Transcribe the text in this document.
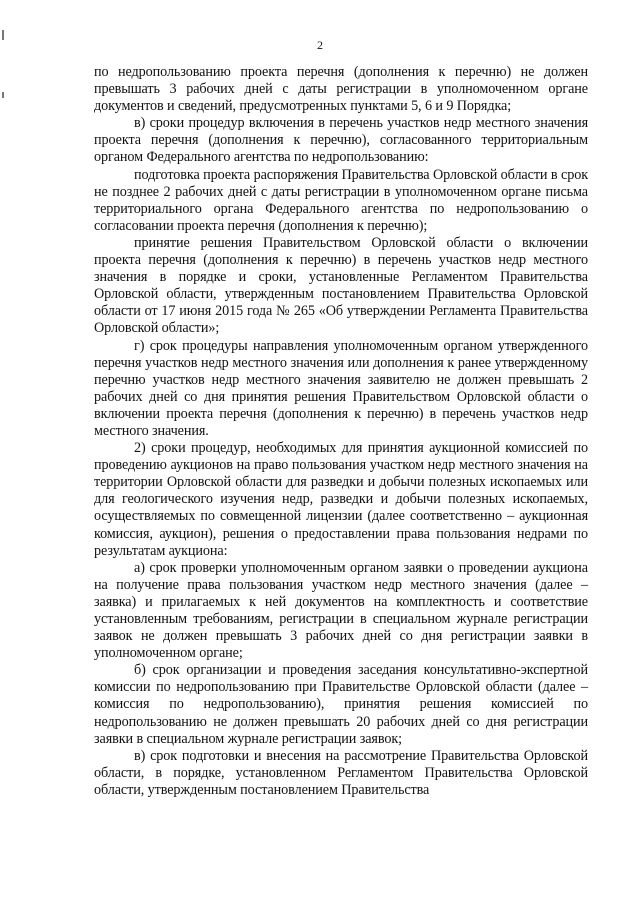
2

по недропользованию проекта перечня (дополнения к перечню) не должен превышать 3 рабочих дней с даты регистрации в уполномоченном органе документов и сведений, предусмотренных пунктами 5, 6 и 9 Порядка;

в) сроки процедур включения в перечень участков недр местного значения проекта перечня (дополнения к перечню), согласованного территориальным органом Федерального агентства по недропользованию:

подготовка проекта распоряжения Правительства Орловской области в срок не позднее 2 рабочих дней с даты регистрации в уполномоченном органе письма территориального органа Федерального агентства по недропользованию о согласовании проекта перечня (дополнения к перечню);

принятие решения Правительством Орловской области о включении проекта перечня (дополнения к перечню) в перечень участков недр местного значения в порядке и сроки, установленные Регламентом Правительства Орловской области, утвержденным постановлением Правительства Орловской области от 17 июня 2015 года № 265 «Об утверждении Регламента Правительства Орловской области»;

г) срок процедуры направления уполномоченным органом утвержденного перечня участков недр местного значения или дополнения к ранее утвержденному перечню участков недр местного значения заявителю не должен превышать 2 рабочих дней со дня принятия решения Правительством Орловской области о включении проекта перечня (дополнения к перечню) в перечень участков недр местного значения.

2) сроки процедур, необходимых для принятия аукционной комиссией по проведению аукционов на право пользования участком недр местного значения на территории Орловской области для разведки и добычи полезных ископаемых или для геологического изучения недр, разведки и добычи полезных ископаемых, осуществляемых по совмещенной лицензии (далее соответственно – аукционная комиссия, аукцион), решения о предоставлении права пользования недрами по результатам аукциона:

а) срок проверки уполномоченным органом заявки о проведении аукциона на получение права пользования участком недр местного значения (далее – заявка) и прилагаемых к ней документов на комплектность и соответствие установленным требованиям, регистрации в специальном журнале регистрации заявок не должен превышать 3 рабочих дней со дня регистрации заявки в уполномоченном органе;

б) срок организации и проведения заседания консультативно-экспертной комиссии по недропользованию при Правительстве Орловской области (далее – комиссия по недропользованию), принятия решения комиссией по недропользованию не должен превышать 20 рабочих дней со дня регистрации заявки в специальном журнале регистрации заявок;

в) срок подготовки и внесения на рассмотрение Правительства Орловской области, в порядке, установленном Регламентом Правительства Орловской области, утвержденным постановлением Правительства
